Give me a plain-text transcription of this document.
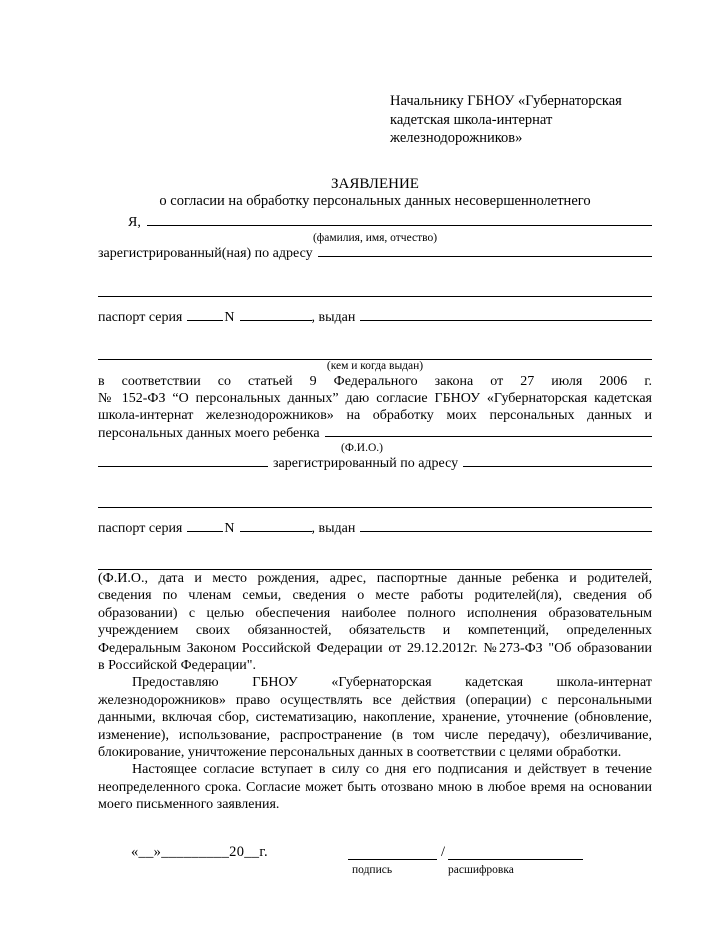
Начальнику ГБНОУ «Губернаторская
кадетская школа-интернат
железнодорожников»
ЗАЯВЛЕНИЕ
о согласии на обработку персональных данных несовершеннолетнего
Я,
(фамилия, имя, отчество)
зарегистрированный(ная) по адресу
паспорт серия	N	, выдан
(кем и когда выдан)
в соответствии со статьей 9 Федерального закона от 27 июля 2006 г.
№ 152-ФЗ “О персональных данных” даю согласие ГБНОУ «Губернаторская кадетская
школа-интернат железнодорожников» на обработку моих персональных данных и
персональных данных моего ребенка
(Ф.И.О.)
зарегистрированный по адресу
паспорт серия	N	, выдан
(Ф.И.О., дата и место рождения, адрес, паспортные данные ребенка и родителей,
сведения по членам семьи, сведения о месте работы родителей(ля), сведения об
образовании) с целью обеспечения наиболее полного исполнения образовательным
учреждением своих обязанностей, обязательств и компетенций, определенных
Федеральным Законом Российской Федерации от 29.12.2012г. №273-ФЗ "Об образовании
в Российской Федерации".
Предоставляю ГБНОУ «Губернаторская кадетская школа-интернат
железнодорожников» право осуществлять все действия (операции) с персональными
данными, включая сбор, систематизацию, накопление, хранение, уточнение (обновление,
изменение), использование, распространение (в том числе передачу), обезличивание,
блокирование, уничтожение персональных данных в соответствии с целями обработки.
Настоящее согласие вступает в силу со дня его подписания и действует в течение
неопределенного срока. Согласие может быть отозвано мною в любое время на основании
моего письменного заявления.
«__»_________20__г.	/
подпись	расшифровка
